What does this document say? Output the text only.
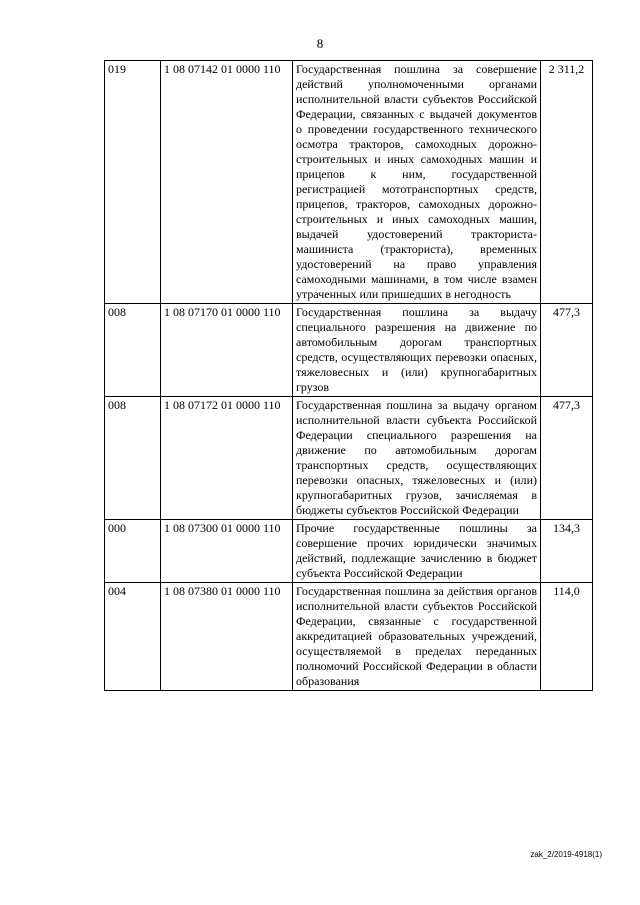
8
019	1 08 07142 01 0000 110	Государственная пошлина за совершение действий уполномоченными органами исполнительной власти субъектов Российской Федерации, связанных с выдачей документов о проведении государственного технического осмотра тракторов, самоходных дорожно-строительных и иных самоходных машин и прицепов к ним, государственной регистрацией мототранспортных средств, прицепов, тракторов, самоходных дорожно-строительных и иных самоходных машин, выдачей удостоверений тракториста-машиниста (тракториста), временных удостоверений на право управления самоходными машинами, в том числе взамен утраченных или пришедших в негодность	2 311,2
008	1 08 07170 01 0000 110	Государственная пошлина за выдачу специального разрешения на движение по автомобильным дорогам транспортных средств, осуществляющих перевозки опасных, тяжеловесных и (или) крупногабаритных грузов	477,3
008	1 08 07172 01 0000 110	Государственная пошлина за выдачу органом исполнительной власти субъекта Российской Федерации специального разрешения на движение по автомобильным дорогам транспортных средств, осуществляющих перевозки опасных, тяжеловесных и (или) крупногабаритных грузов, зачисляемая в бюджеты субъектов Российской Федерации	477,3
000	1 08 07300 01 0000 110	Прочие государственные пошлины за совершение прочих юридически значимых действий, подлежащие зачислению в бюджет субъекта Российской Федерации	134,3
004	1 08 07380 01 0000 110	Государственная пошлина за действия органов исполнительной власти субъектов Российской Федерации, связанные с государственной аккредитацией образовательных учреждений, осуществляемой в пределах переданных полномочий Российской Федерации в области образования	114,0
zak_2/2019-4918(1)
